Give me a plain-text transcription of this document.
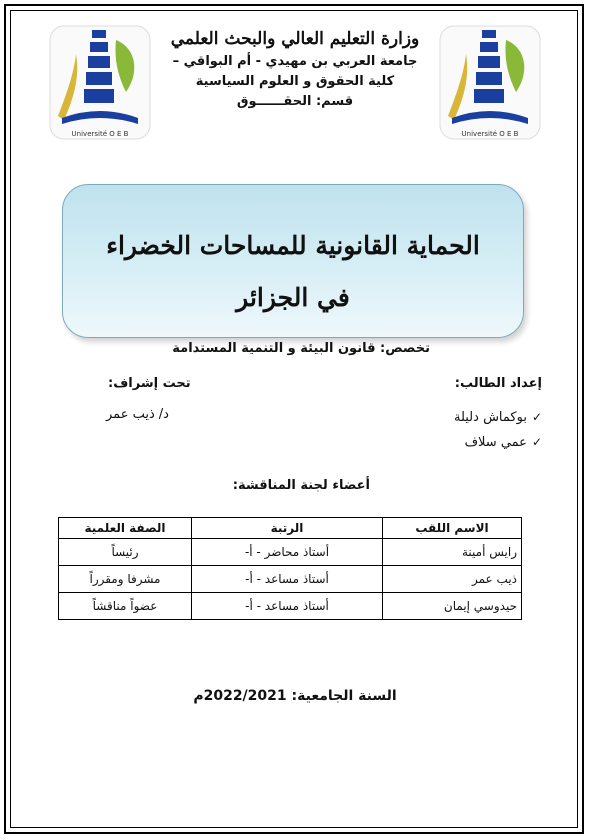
Université O E B	Université O E B
وزارة التعليم العالي والبحث العلمي
جامعة العربي بن مهيدي - أم البواقي –
كلية الحقوق و العلوم السياسية
قسم: الحقــــــوق
الحماية القانونية للمساحات الخضراء
في الجزائر
تخصص: قانون البيئة و التنمية المستدامة
إعداد الطالب:
تحت إشراف:
✓بوكماش دليلة
✓عمي سلاف
د/ذيب عمر
أعضاء لجنة المناقشة:
الاسم اللقب	الرتبة	الصفة العلمية
رايس أمينة	أستاذ محاضر - أ-	رئيساً
ذيب عمر	أستاذ مساعد - أ-	مشرفا ومقرراً
حيدوسي إيمان	أستاذ مساعد - أ-	عضواً مناقشاً
السنة الجامعية: 2022/2021م
